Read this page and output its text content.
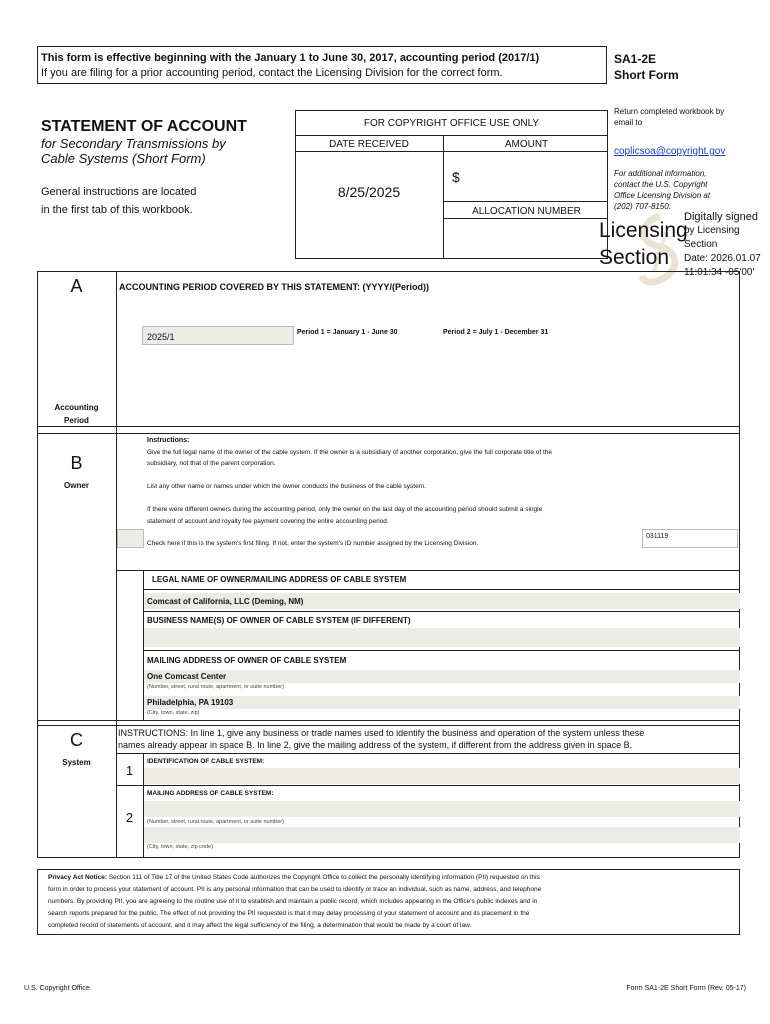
This form is effective beginning with the January 1 to June 30, 2017, accounting period (2017/1)
If you are filing for a prior accounting period, contact the Licensing Division for the correct form.
SA1-2E
Short Form
STATEMENT OF ACCOUNT
for Secondary Transmissions by
Cable Systems (Short Form)
General instructions are located
in the first tab of this workbook.
FOR COPYRIGHT OFFICE USE ONLY
DATE RECEIVED	AMOUNT
8/25/2025
$
ALLOCATION NUMBER
Return completed workbook by
email to
coplicsoa@copyright.gov
For additional information,
contact the U.S. Copyright
Office Licensing Division at
(202) 707-8150.
Licensing
Section
Digitally signed
by Licensing
Section
Date: 2026.01.07
11:01:34 -05'00'
A
Accounting
Period
ACCOUNTING PERIOD COVERED BY THIS STATEMENT: (YYYY/(Period))
2025/1	Period 1 = January 1 - June 30	Period 2 = July 1 - December 31
B
Owner
Instructions:
Give the full legal name of the owner of the cable system. If the owner is a subsidiary of another corporation, give the full corporate title of the
subsidiary, not that of the parent corporation.
List any other name or names under which the owner conducts the business of the cable system.
If there were different owners during the accounting period, only the owner on the last day of the accounting period should submit a single
statement of account and royalty fee payment covering the entire accounting period.
Check here if this is the system's first filing. If not, enter the system's ID number assigned by the Licensing Division.
031119
LEGAL NAME OF OWNER/MAILING ADDRESS OF CABLE SYSTEM
Comcast of California, LLC (Deming, NM)
BUSINESS NAME(S) OF OWNER OF CABLE SYSTEM (IF DIFFERENT)
MAILING ADDRESS OF OWNER OF CABLE SYSTEM
One Comcast Center
(Number, street, rural route, apartment, or suite number)
Philadelphia, PA 19103
(City, town, state, zip)
C
System
INSTRUCTIONS: In line 1, give any business or trade names used to identify the business and operation of the system unless these
names already appear in space B. In line 2, give the mailing address of the system, if different from the address given in space B.
1
IDENTIFICATION OF CABLE SYSTEM:
2
MAILING ADDRESS OF CABLE SYSTEM:
(Number, street, rural route, apartment, or suite number)
(City, town, state, zip code)
Privacy Act Notice: Section 111 of Title 17 of the United States Code authorizes the Copyright Office to collect the personally identifying information (PII) requested on this
form in order to process your statement of account. PII is any personal information that can be used to identify or trace an individual, such as name, address, and telephone
numbers. By providing PII, you are agreeing to the routine use of it to establish and maintain a public record, which includes appearing in the Office's public indexes and in
search reports prepared for the public. The effect of not providing the PII requested is that it may delay processing of your statement of account and its placement in the
completed record of statements of account, and it may affect the legal sufficiency of the filing, a determination that would be made by a court of law.
U.S. Copyright Office	Form SA1-2E Short Form (Rev. 05-17)
